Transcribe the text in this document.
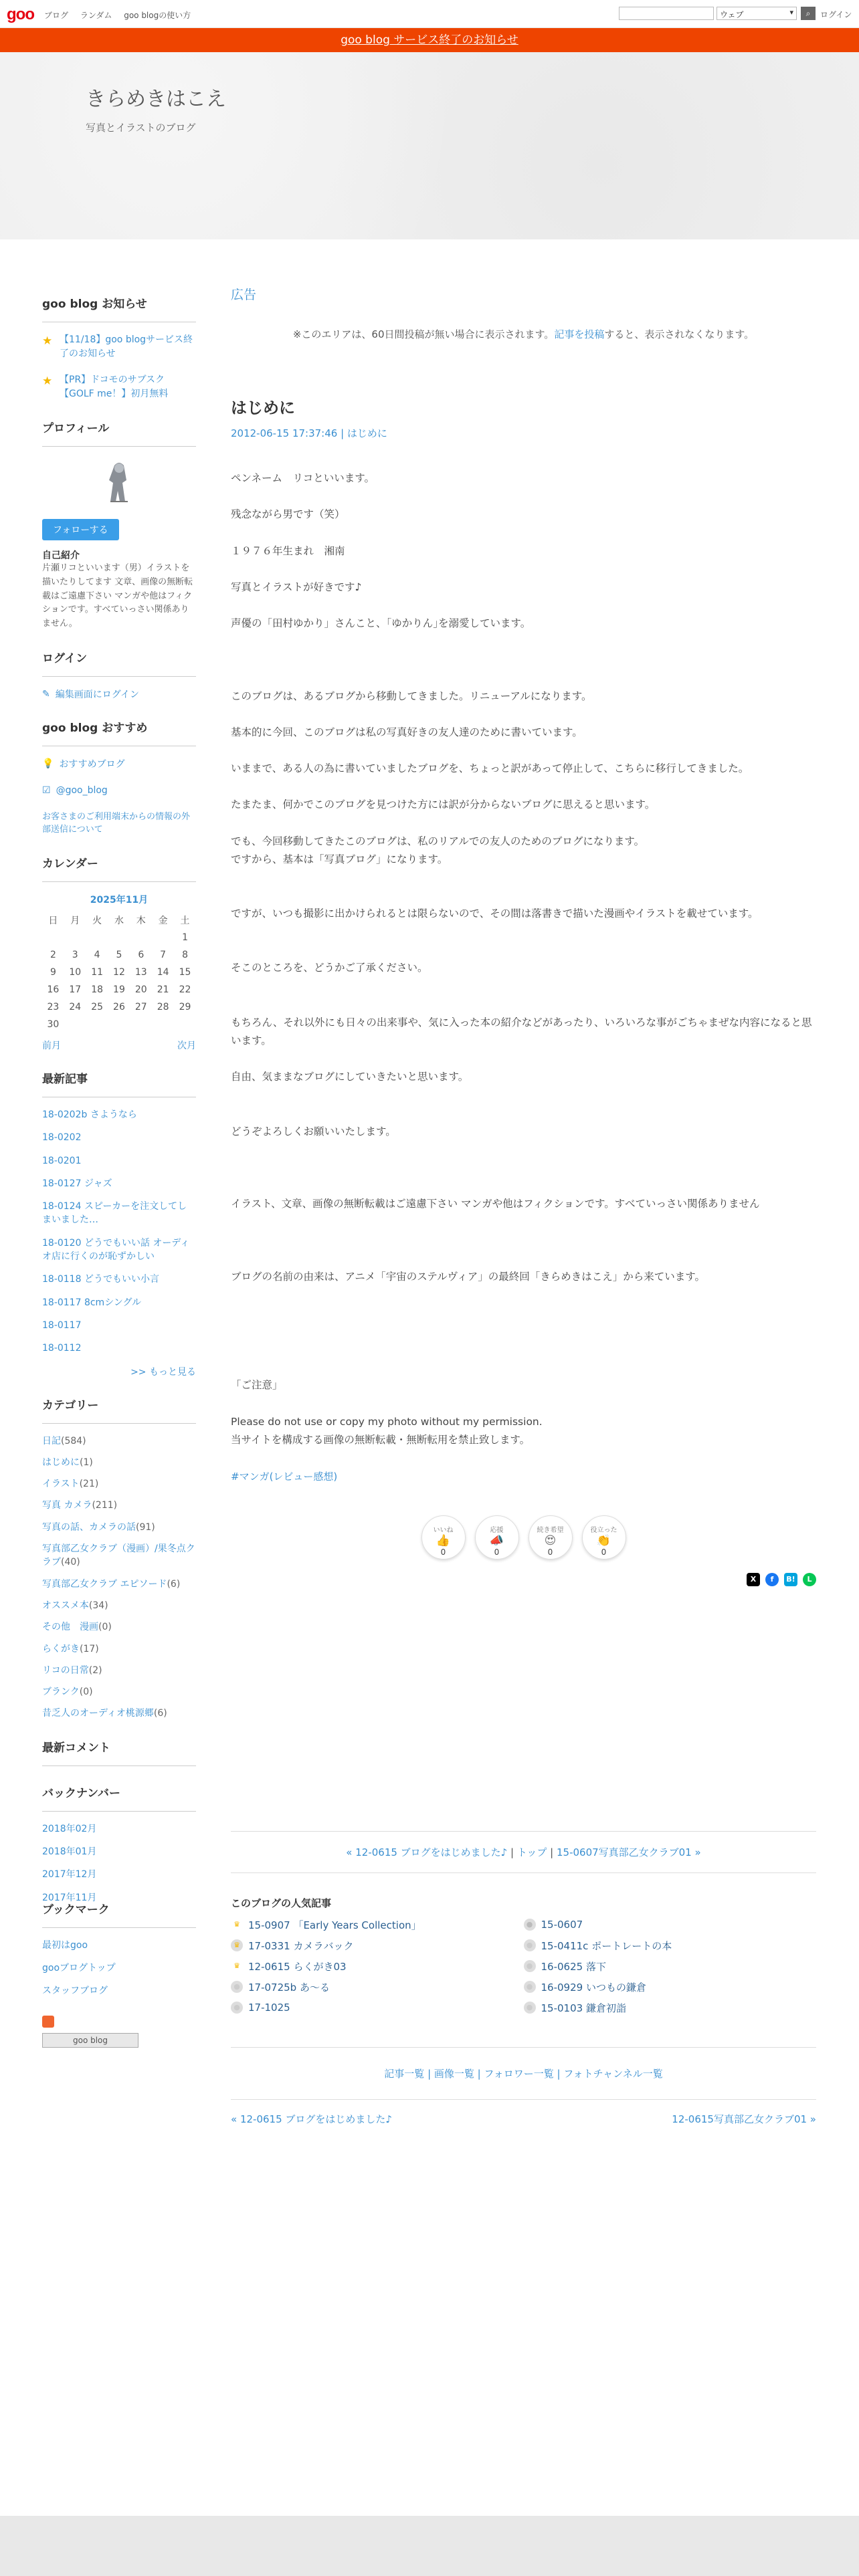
goo ブログ ランダム goo blogの使い方	ウェブ ▾	⌕	ログイン
goo blog サービス終了のお知らせ
きらめきはこえ
写真とイラストのブログ
goo blog お知らせ
★ 【11/18】goo blogサービス終了のお知らせ
★ 【PR】ドコモのサブスク【GOLF me！】初月無料
プロフィール
フォローする
自己紹介
片瀬リコといいます（男）イラストを描いたりしてます 文章、画像の無断転載はご遠慮下さい マンガや他はフィクションです。すべていっさい関係ありません。
ログイン
✎ 編集画面にログイン
goo blog おすすめ
💡 おすすめブログ
☑ @goo_blog
お客さまのご利用端末からの情報の外部送信について
カレンダー
2025年11月
日	月	火	水	木	金	土
						1
2	3	4	5	6	7	8
9	10	11	12	13	14	15
16	17	18	19	20	21	22
23	24	25	26	27	28	29
30						
前月	次月
最新記事
18-0202b さようなら
18-0202
18-0201
18-0127 ジャズ
18-0124 スピーカーを注文してしまいました…
18-0120 どうでもいい話 オーディオ店に行くのが恥ずかしい
18-0118 どうでもいい小言
18-0117 8cmシングル
18-0117
18-0112
>> もっと見る
カテゴリー
日記(584)
はじめに(1)
イラスト(21)
写真 カメラ(211)
写真の話、カメラの話(91)
写真部乙女クラブ（漫画）/果冬点クラブ(40)
写真部乙女クラブ エピソード(6)
オススメ本(34)
その他　漫画(0)
らくがき(17)
リコの日常(2)
ブランク(0)
昔乏人のオーディオ桃源郷(6)
最新コメント
バックナンバー
2018年02月
2018年01月
2017年12月
2017年11月
ブックマーク
最初はgoo
gooブログトップ
スタッフブログ
goo blog
広告
※このエリアは、60日間投稿が無い場合に表示されます。記事を投稿すると、表示されなくなります。
はじめに
2012-06-15 17:37:46 | はじめに

ペンネーム　リコといいます。

残念ながら男です（笑）

１９７６年生まれ　湘南

写真とイラストが好きです♪

声優の「田村ゆかり」さんこと、｢ゆかりん｣を溺愛しています。

このブログは、あるブログから移動してきました。リニューアルになります。

基本的に今回、このブログは私の写真好きの友人達のために書いています。

いままで、ある人の為に書いていましたブログを、ちょっと訳があって停止して、こちらに移行してきました。

たまたま、何かでこのブログを見つけた方には訳が分からないブログに思えると思います。

でも、今回移動してきたこのブログは、私のリアルでの友人のためのブログになります。

ですから、基本は「写真ブログ」になります。

ですが、いつも撮影に出かけられるとは限らないので、その間は落書きで描いた漫画やイラストを載せています。

そこのところを、どうかご了承ください。

もちろん、それ以外にも日々の出来事や、気に入った本の紹介などがあったり、いろいろな事がごちゃまぜな内容になると思います。

自由、気ままなブログにしていきたいと思います。

どうぞよろしくお願いいたします。

イラスト、文章、画像の無断転載はご遠慮下さい マンガや他はフィクションです。すべていっさい関係ありません

ブログの名前の由来は、アニメ「宇宙のステルヴィア」の最終回「きらめきはこえ」から来ています。

「ご注意」

Please do not use or copy my photo without my permission.

当サイトを構成する画像の無断転載・無断転用を禁止致します。

#マンガ(レビュー感想)
いいね
👍
0
応援
📣
0
続き希望
😍
0
役立った
👏
0
X	f	B!	L
« 12-0615 ブログをはじめました♪ | トップ | 15-0607写真部乙女クラブ01 »
このブログの人気記事
♛ 15-0907 「Early Years Collection」	● 15-0607
♛ 17-0331 カメラバック	● 15-0411c ポートレートの本
♛ 12-0615 らくがき03	● 16-0625 落下
● 17-0725b あ～る	● 16-0929 いつもの鎌倉
● 17-1025	● 15-0103 鎌倉初詣
記事一覧 | 画像一覧 | フォロワー一覧 | フォトチャンネル一覧
« 12-0615 ブログをはじめました♪	12-0615写真部乙女クラブ01 »
